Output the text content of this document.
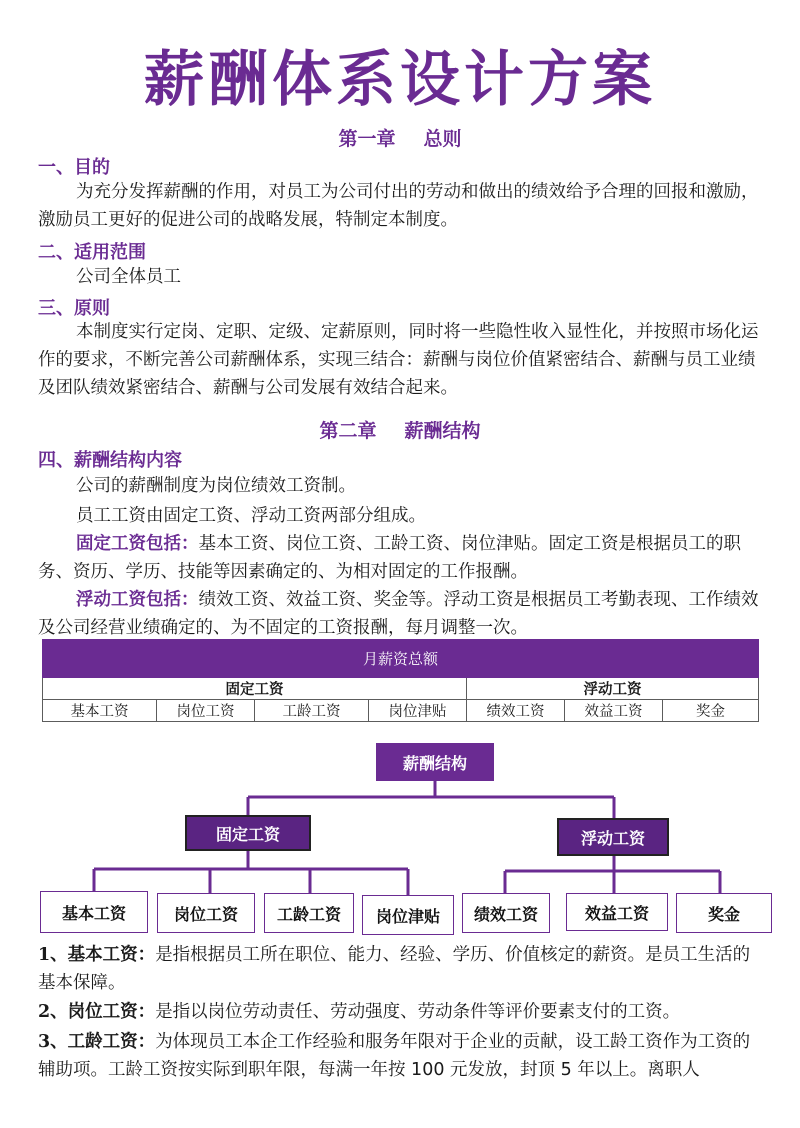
薪酬体系设计方案
第一章 总则
一、目的
为充分发挥薪酬的作用，对员工为公司付出的劳动和做出的绩效给予合理的回报和激励，激励员工更好的促进公司的战略发展，特制定本制度。
二、适用范围
公司全体员工
三、原则
本制度实行定岗、定职、定级、定薪原则，同时将一些隐性收入显性化，并按照市场化运作的要求，不断完善公司薪酬体系，实现三结合：薪酬与岗位价值紧密结合、薪酬与员工业绩及团队绩效紧密结合、薪酬与公司发展有效结合起来。
第二章 薪酬结构
四、薪酬结构内容
公司的薪酬制度为岗位绩效工资制。
员工工资由固定工资、浮动工资两部分组成。
固定工资包括：基本工资、岗位工资、工龄工资、岗位津贴。固定工资是根据员工的职务、资历、学历、技能等因素确定的、为相对固定的工作报酬。
浮动工资包括：绩效工资、效益工资、奖金等。浮动工资是根据员工考勤表现、工作绩效及公司经营业绩确定的、为不固定的工资报酬，每月调整一次。
月薪资总额						
固定工资				浮动工资		
基本工资	岗位工资	工龄工资	岗位津贴	绩效工资	效益工资	奖金
薪酬结构
固定工资	浮动工资
基本工资	岗位工资	工龄工资	岗位津贴	绩效工资	效益工资	奖金
1、基本工资：是指根据员工所在职位、能力、经验、学历、价值核定的薪资。是员工生活的基本保障。
2、岗位工资：是指以岗位劳动责任、劳动强度、劳动条件等评价要素支付的工资。
3、工龄工资：为体现员工本企工作经验和服务年限对于企业的贡献，设工龄工资作为工资的辅助项。工龄工资按实际到职年限，每满一年按 100 元发放，封顶 5 年以上。离职人
